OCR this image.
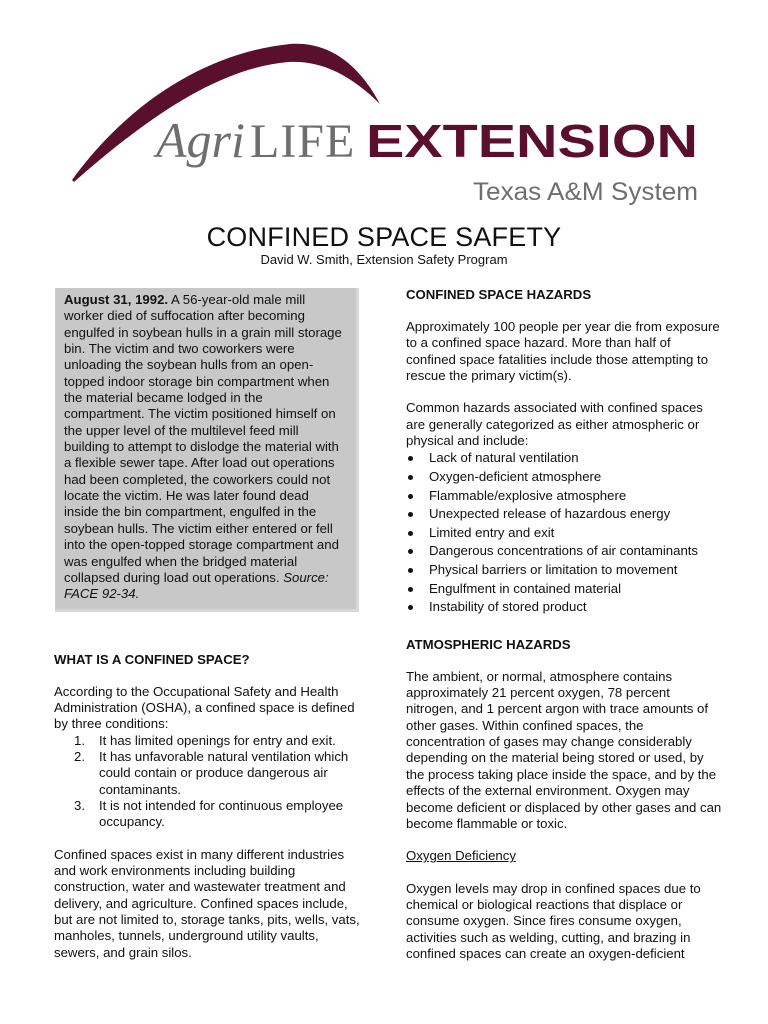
Agri LIFE EXTENSION
Texas A&M System
CONFINED SPACE SAFETY
David W. Smith, Extension Safety Program

August 31, 1992. A 56-year-old male mill worker died of suffocation after becoming engulfed in soybean hulls in a grain mill storage bin. The victim and two coworkers were unloading the soybean hulls from an open-topped indoor storage bin compartment when the material became lodged in the compartment. The victim positioned himself on the upper level of the multilevel feed mill building to attempt to dislodge the material with a flexible sewer tape. After load out operations had been completed, the coworkers could not locate the victim. He was later found dead inside the bin compartment, engulfed in the soybean hulls. The victim either entered or fell into the open-topped storage compartment and was engulfed when the bridged material collapsed during load out operations. Source: FACE 92-34.

WHAT IS A CONFINED SPACE?

According to the Occupational Safety and Health Administration (OSHA), a confined space is defined by three conditions:

1. It has limited openings for entry and exit.
2. It has unfavorable natural ventilation which could contain or produce dangerous air contaminants.
3. It is not intended for continuous employee occupancy.

Confined spaces exist in many different industries and work environments including building construction, water and wastewater treatment and delivery, and agriculture. Confined spaces include, but are not limited to, storage tanks, pits, wells, vats, manholes, tunnels, underground utility vaults, sewers, and grain silos.

CONFINED SPACE HAZARDS

Approximately 100 people per year die from exposure to a confined space hazard. More than half of confined space fatalities include those attempting to rescue the primary victim(s).

Common hazards associated with confined spaces are generally categorized as either atmospheric or physical and include:

Lack of natural ventilation
Oxygen-deficient atmosphere
Flammable/explosive atmosphere
Unexpected release of hazardous energy
Limited entry and exit
Dangerous concentrations of air contaminants
Physical barriers or limitation to movement
Engulfment in contained material
Instability of stored product
ATMOSPHERIC HAZARDS

The ambient, or normal, atmosphere contains approximately 21 percent oxygen, 78 percent nitrogen, and 1 percent argon with trace amounts of other gases. Within confined spaces, the concentration of gases may change considerably depending on the material being stored or used, by the process taking place inside the space, and by the effects of the external environment. Oxygen may become deficient or displaced by other gases and can become flammable or toxic.

Oxygen Deficiency

Oxygen levels may drop in confined spaces due to chemical or biological reactions that displace or consume oxygen. Since fires consume oxygen, activities such as welding, cutting, and brazing in confined spaces can create an oxygen-deficient
